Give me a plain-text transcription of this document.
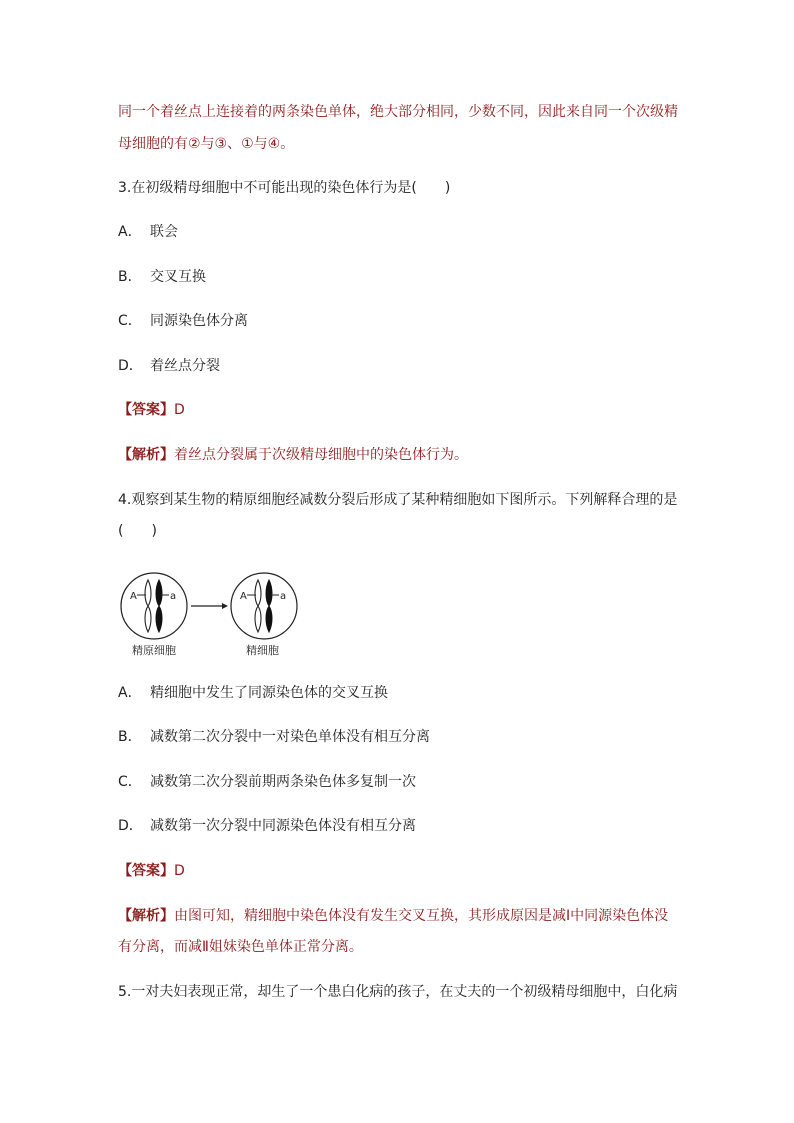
同一个着丝点上连接着的两条染色单体，绝大部分相同，少数不同，因此来自同一个次级精
母细胞的有②与③、①与④。
3.在初级精母细胞中不可能出现的染色体行为是(　　)
A． 联会
B． 交叉互换
C． 同源染色体分离
D． 着丝点分裂
【答案】D
【解析】着丝点分裂属于次级精母细胞中的染色体行为。
4.观察到某生物的精原细胞经减数分裂后形成了某种精细胞如下图所示。下列解释合理的是
(　　)
A	a	A	a
精原细胞	精细胞
A． 精细胞中发生了同源染色体的交叉互换
B． 减数第二次分裂中一对染色单体没有相互分离
C． 减数第二次分裂前期两条染色体多复制一次
D． 减数第一次分裂中同源染色体没有相互分离
【答案】D
【解析】由图可知，精细胞中染色体没有发生交叉互换，其形成原因是减Ⅰ中同源染色体没
有分离，而减Ⅱ姐妹染色单体正常分离。
5.一对夫妇表现正常，却生了一个患白化病的孩子，在丈夫的一个初级精母细胞中，白化病
